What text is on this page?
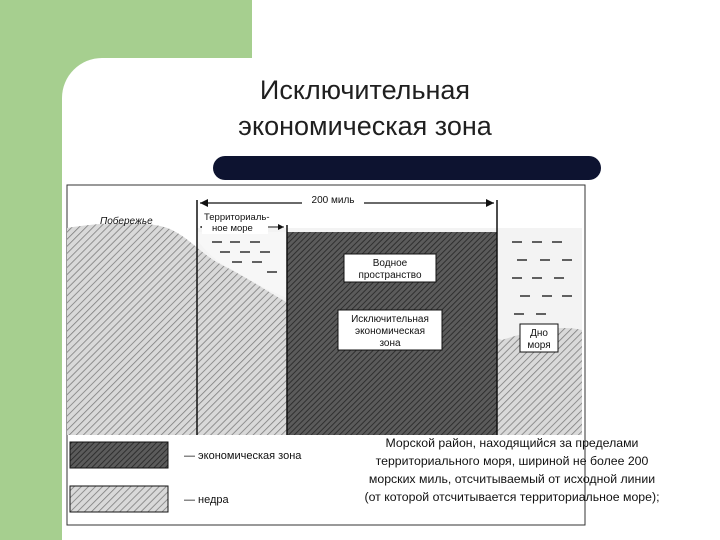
Исключительная
экономическая зона
200 миль
Побережье	Территориаль-
ное море
Водное
пространство
Исключительная
экономическая
зона
Дно
моря
— экономическая зона
— недра
Морской район, находящийся за пределами
территориального моря, шириной не более 200
морских миль, отсчитываемый от исходной линии
(от которой отсчитывается территориальное море);
